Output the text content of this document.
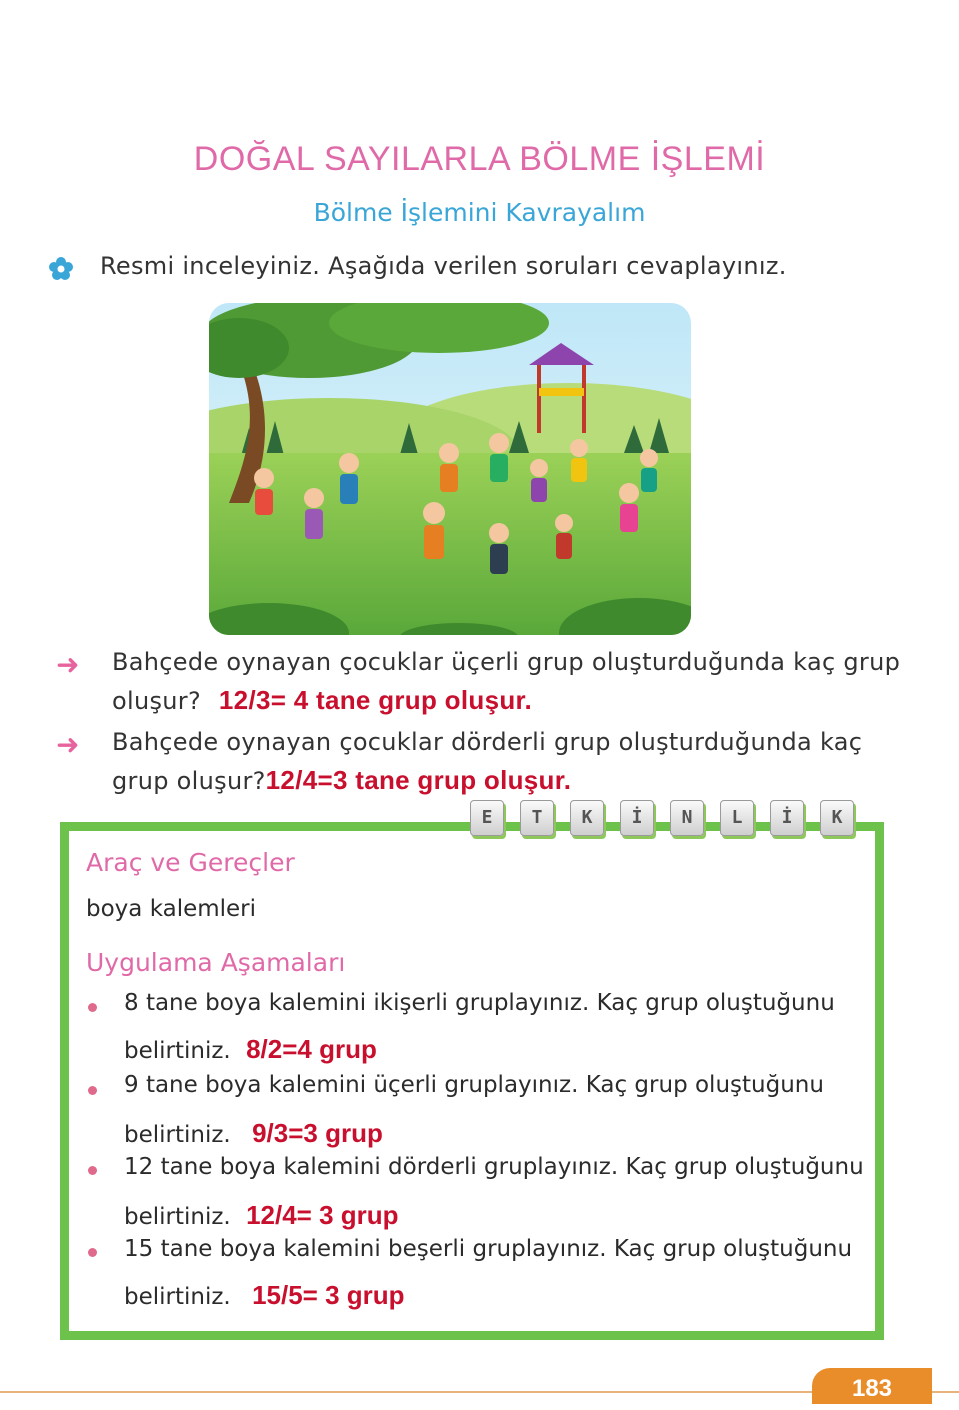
DOĞAL SAYILARLA BÖLME İŞLEMİ
Bölme İşlemini Kavrayalım
Resmi inceleyiniz. Aşağıda verilen soruları cevaplayınız.
➜ Bahçede oynayan çocuklar üçerli grup oluşturduğunda kaç grup
oluşur? 12/3= 4 tane grup oluşur.
➜ Bahçede oynayan çocuklar dörderli grup oluşturduğunda kaç
grup oluşur?12/4=3 tane grup oluşur.
E	T	K	İ	N	L	İ	K
Araç ve Gereçler
boya kalemleri
Uygulama Aşamaları
8 tane boya kalemini ikişerli gruplayınız. Kaç grup oluştuğunu
belirtiniz. 8/2=4 grup
9 tane boya kalemini üçerli gruplayınız. Kaç grup oluştuğunu
belirtiniz. 9/3=3 grup
12 tane boya kalemini dörderli gruplayınız. Kaç grup oluştuğunu
belirtiniz. 12/4= 3 grup
15 tane boya kalemini beşerli gruplayınız. Kaç grup oluştuğunu
belirtiniz. 15/5= 3 grup
183
